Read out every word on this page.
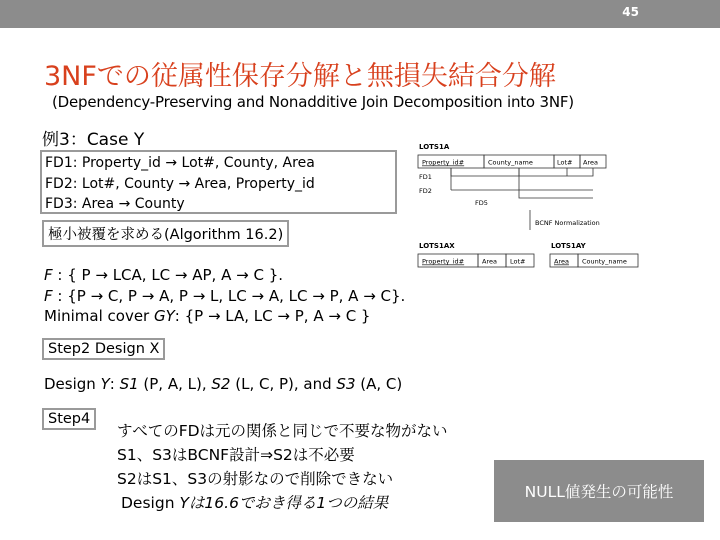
45
3NFでの従属性保存分解と無損失結合分解
(Dependency-Preserving and Nonadditive Join Decomposition into 3NF)
例3：Case Y
FD1: Property_id → Lot#, County, Area
FD2: Lot#, County → Area, Property_id
FD3: Area → County
極小被覆を求める(Algorithm 16.2)
F : { P → LCA, LC → AP, A → C }.
F : {P → C, P → A, P → L, LC → A, LC → P, A → C}.
Minimal cover GY: {P → LA, LC → P, A → C }
Step2 Design X
Design Y: S1 (P, A, L), S2 (L, C, P), and S3 (A, C)
Step4
すべてのFDは元の関係と同じで不要な物がない
S1、S3はBCNF設計⇒S2は不必要
S2はS1、S3の射影なので削除できない
Design Yは16.6でおき得る1つの結果
NULL値発生の可能性
LOTS1A
Property_id#	County_name	Lot# Area
FD1
FD2
FD5
BCNF Normalization
LOTS1AX
Property_id#	Area Lot#
LOTS1AY
Area County_name
